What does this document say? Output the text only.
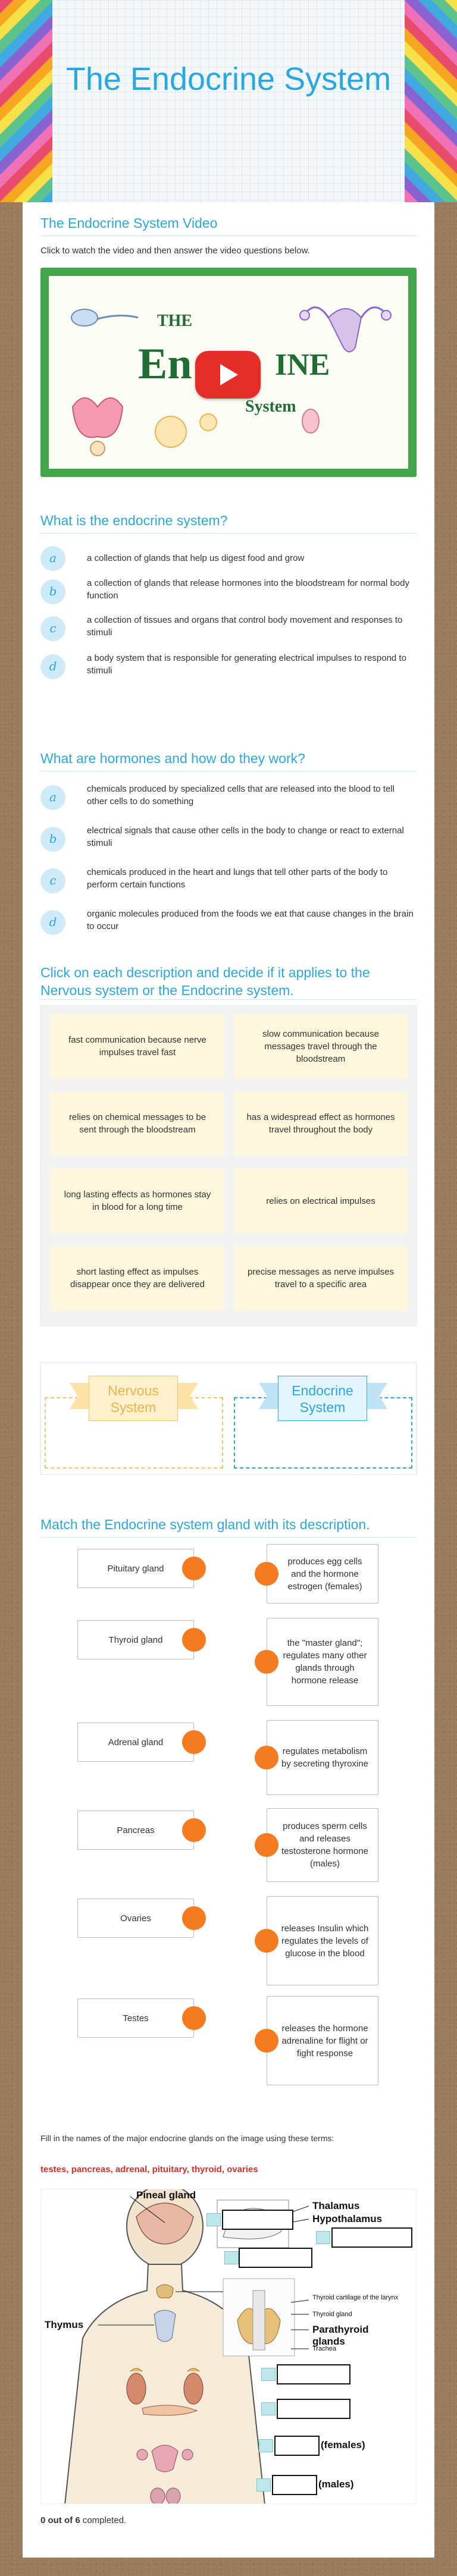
The Endocrine System
The Endocrine System Video

Click to watch the video and then answer the video questions below.

THE
En	INE
System
What is the endocrine system?
a	a collection of glands that help us digest food and grow
b
a collection of glands that release hormones into the bloodstream for normal body function
c
a collection of tissues and organs that control body movement and responses to stimuli
d
a body system that is responsible for generating electrical impulses to respond to stimuli
What are hormones and how do they work?
a
chemicals produced by specialized cells that are released into the blood to tell other cells to do something
b
electrical signals that cause other cells in the body to change or react to external stimuli
c
chemicals produced in the heart and lungs that tell other parts of the body to perform certain functions
d
organic molecules produced from the foods we eat that cause changes in the brain to occur
Click on each description and decide if it applies to the Nervous system or the Endocrine system.
fast communication because nerve impulses travel fast
slow communication because messages travel through the bloodstream
relies on chemical messages to be sent through the bloodstream
has a widespread effect as hormones travel throughout the body
long lasting effects as hormones stay in blood for a long time
relies on electrical impulses
short lasting effect as impulses disappear once they are delivered
precise messages as nerve impulses travel to a specific area
Nervous System
Endocrine System
Match the Endocrine system gland with its description.
Pituitary gland
produces egg cells and the hormone estrogen (females)
Thyroid gland	the "master gland"; regulates many other glands through hormone release
Adrenal gland
regulates metabolism by secreting thyroxine
Pancreas	produces sperm cells and releases testosterone hormone (males)
Ovaries
releases Insulin which regulates the levels of glucose in the blood
Testes
releases the hormone adrenaline for flight or fight response

Fill in the names of the major endocrine glands on the image using these terms:

testes, pancreas, adrenal, pituitary, thyroid, ovaries

Pineal gland
Thalamus
Hypothalamus
Thymus
Thyroid cartilage of the larynx
Thyroid gland
Parathyroid glands
Trachea
(females)
(males)

0 out of 6 completed.
